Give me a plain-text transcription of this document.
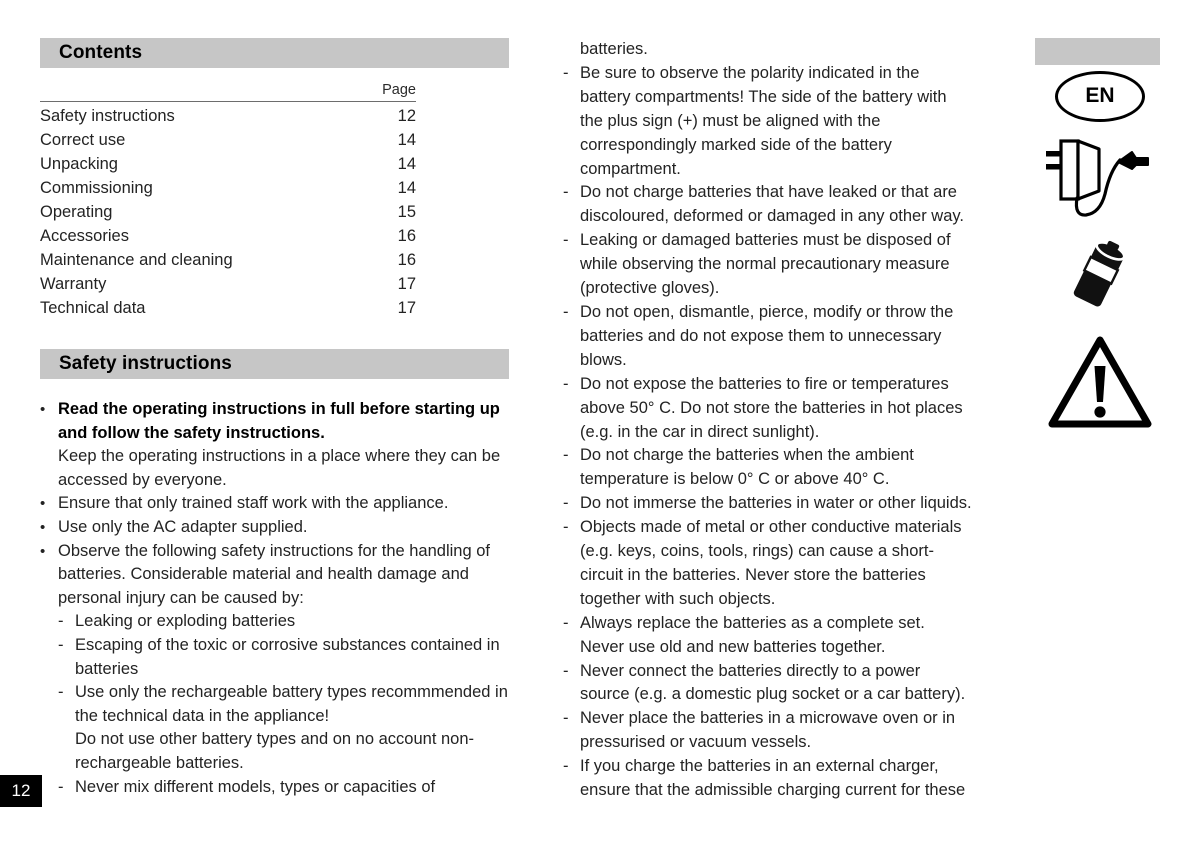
Contents
Page
Safety instructions	12
Correct use	14
Unpacking	14
Commissioning	14
Operating	15
Accessories	16
Maintenance and cleaning	16
Warranty	17
Technical data	17
Safety instructions
• Read the operating instructions in full before starting up and follow the safety instructions.
Keep the operating instructions in a place where they can be accessed by everyone.
• Ensure that only trained staff work with the appliance.
• Use only the AC adapter supplied.
• Observe the following safety instructions for the handling of batteries. Considerable material and health damage and personal injury can be caused by:
- Leaking or exploding batteries
- Escaping of the toxic or corrosive substances contained in batteries
- Use only the rechargeable battery types recommmended in the technical data in the appliance!
Do not use other battery types and on no account non-rechargeable batteries.
- Never mix different models, types or capacities of
12
batteries.
- Be sure to observe the polarity indicated in the battery compartments! The side of the battery with the plus sign (+) must be aligned with the correspondingly marked side of the battery compartment.
- Do not charge batteries that have leaked or that are discoloured, deformed or damaged in any other way.
- Leaking or damaged batteries must be disposed of while observing the normal precautionary measure (protective gloves).
- Do not open, dismantle, pierce, modify or throw the batteries and do not expose them to unnecessary blows.
- Do not expose the batteries to fire or temperatures above 50° C. Do not store the batteries in hot places (e.g. in the car in direct sunlight).
- Do not charge the batteries when the ambient temperature is below 0° C or above 40° C.
- Do not immerse the batteries in water or other liquids.
- Objects made of metal or other conductive materials (e.g. keys, coins, tools, rings) can cause a short-circuit in the batteries. Never store the batteries together with such objects.
- Always replace the batteries as a complete set. Never use old and new batteries together.
- Never connect the batteries directly to a power source (e.g. a domestic plug socket or a car battery).
- Never place the batteries in a microwave oven or in pressurised or vacuum vessels.
- If you charge the batteries in an external charger, ensure that the admissible charging current for these
EN
